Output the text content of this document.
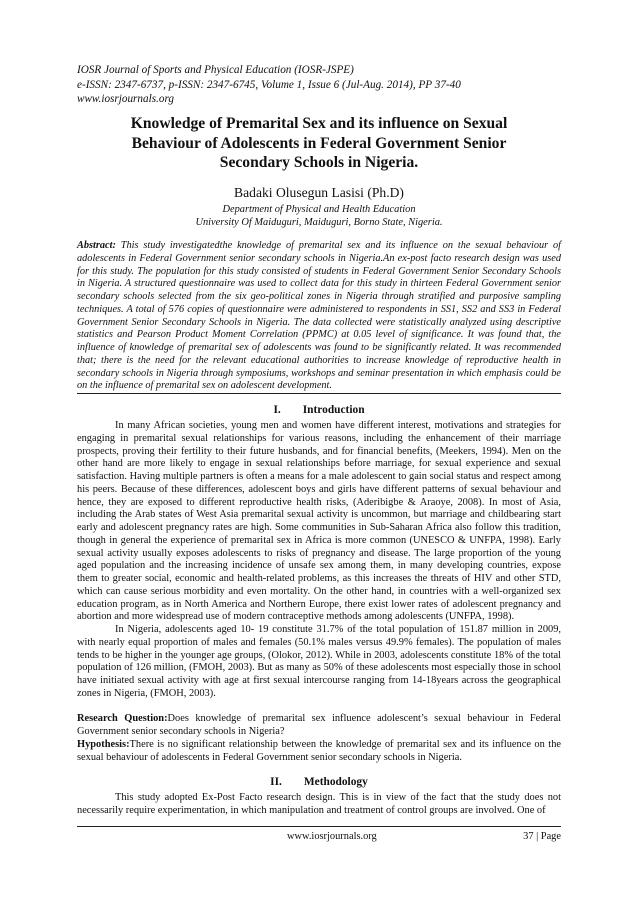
IOSR Journal of Sports and Physical Education (IOSR-JSPE)
e-ISSN: 2347-6737, p-ISSN: 2347-6745, Volume 1, Issue 6 (Jul-Aug. 2014), PP 37-40
www.iosrjournals.org
Knowledge of Premarital Sex and its influence on Sexual Behaviour of Adolescents in Federal Government Senior Secondary Schools in Nigeria.
Badaki Olusegun Lasisi (Ph.D)
Department of Physical and Health Education
University Of Maiduguri, Maiduguri, Borno State, Nigeria.
Abstract: This study investigatedthe knowledge of premarital sex and its influence on the sexual behaviour of adolescents in Federal Government senior secondary schools in Nigeria.An ex-post facto research design was used for this study. The population for this study consisted of students in Federal Government Senior Secondary Schools in Nigeria. A structured questionnaire was used to collect data for this study in thirteen Federal Government senior secondary schools selected from the six geo-political zones in Nigeria through stratified and purposive sampling techniques. A total of 576 copies of questionnaire were administered to respondents in SS1, SS2 and SS3 in Federal Government Senior Secondary Schools in Nigeria. The data collected were statistically analyzed using descriptive statistics and Pearson Product Moment Correlation (PPMC) at 0.05 level of significance. It was found that, the influence of knowledge of premarital sex of adolescents was found to be significantly related. It was recommended that; there is the need for the relevant educational authorities to increase knowledge of reproductive health in secondary schools in Nigeria through symposiums, workshops and seminar presentation in which emphasis could be on the influence of premarital sex on adolescent development.
I. Introduction

In many African societies, young men and women have different interest, motivations and strategies for engaging in premarital sexual relationships for various reasons, including the enhancement of their marriage prospects, proving their fertility to their future husbands, and for financial benefits, (Meekers, 1994). Men on the other hand are more likely to engage in sexual relationships before marriage, for sexual experience and sexual satisfaction. Having multiple partners is often a means for a male adolescent to gain social status and respect among his peers. Because of these differences, adolescent boys and girls have different patterns of sexual behaviour and hence, they are exposed to different reproductive health risks, (Aderibigbe & Araoye, 2008). In most of Asia, including the Arab states of West Asia premarital sexual activity is uncommon, but marriage and childbearing start early and adolescent pregnancy rates are high. Some communities in Sub-Saharan Africa also follow this tradition, though in general the experience of premarital sex in Africa is more common (UNESCO & UNFPA, 1998). Early sexual activity usually exposes adolescents to risks of pregnancy and disease. The large proportion of the young aged population and the increasing incidence of unsafe sex among them, in many developing countries, expose them to greater social, economic and health-related problems, as this increases the threats of HIV and other STD, which can cause serious morbidity and even mortality. On the other hand, in countries with a well-organized sex education program, as in North America and Northern Europe, there exist lower rates of adolescent pregnancy and abortion and more widespread use of modern contraceptive methods among adolescents (UNFPA, 1998).

In Nigeria, adolescents aged 10- 19 constitute 31.7% of the total population of 151.87 million in 2009, with nearly equal proportion of males and females (50.1% males versus 49.9% females). The population of males tends to be higher in the younger age groups, (Olokor, 2012). While in 2003, adolescents constitute 18% of the total population of 126 million, (FMOH, 2003). But as many as 50% of these adolescents most especially those in school have initiated sexual activity with age at first sexual intercourse ranging from 14-18years across the geographical zones in Nigeria, (FMOH, 2003).

Research Question:Does knowledge of premarital sex influence adolescent’s sexual behaviour in Federal Government senior secondary schools in Nigeria?

Hypothesis:There is no significant relationship between the knowledge of premarital sex and its influence on the sexual behaviour of adolescents in Federal Government senior secondary schools in Nigeria.

II. Methodology

This study adopted Ex-Post Facto research design. This is in view of the fact that the study does not necessarily require experimentation, in which manipulation and treatment of control groups are involved. One of

www.iosrjournals.org	37 | Page
